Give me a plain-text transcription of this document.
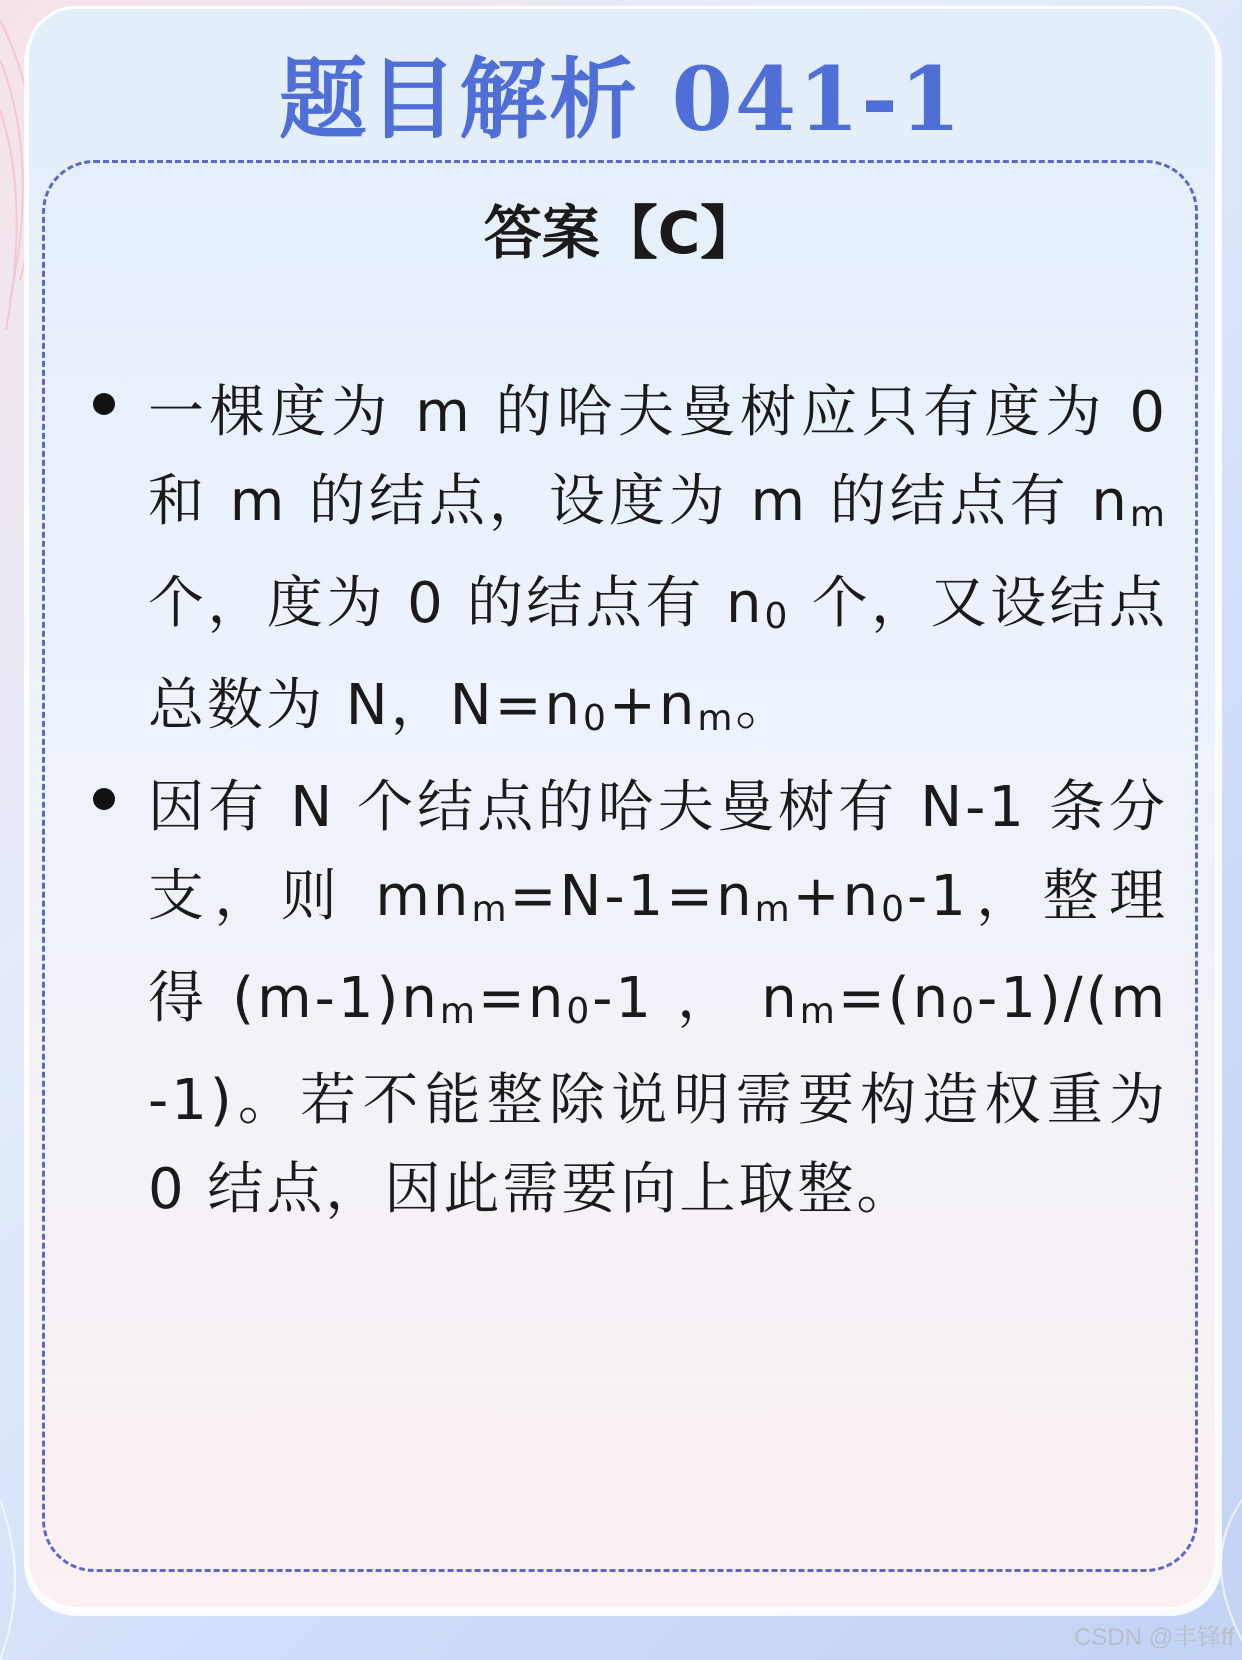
题目解析 041-1
答案【C】

一棵度为 m 的哈夫曼树应只有度为 0 和 m 的结点，设度为 m 的结点有 nm 个，度为 0 的结点有 n0 个，又设结点总数为 N，N=n0+nm。

因有 N 个结点的哈夫曼树有 N-1 条分支，则 mnm=N-1=nm+n0-1，整理得 (m-1)nm=n0-1 ， nm=(n0-1)/(m-1)。若不能整除说明需要构造权重为 0 结点，因此需要向上取整。

CSDN @丰锋ff
